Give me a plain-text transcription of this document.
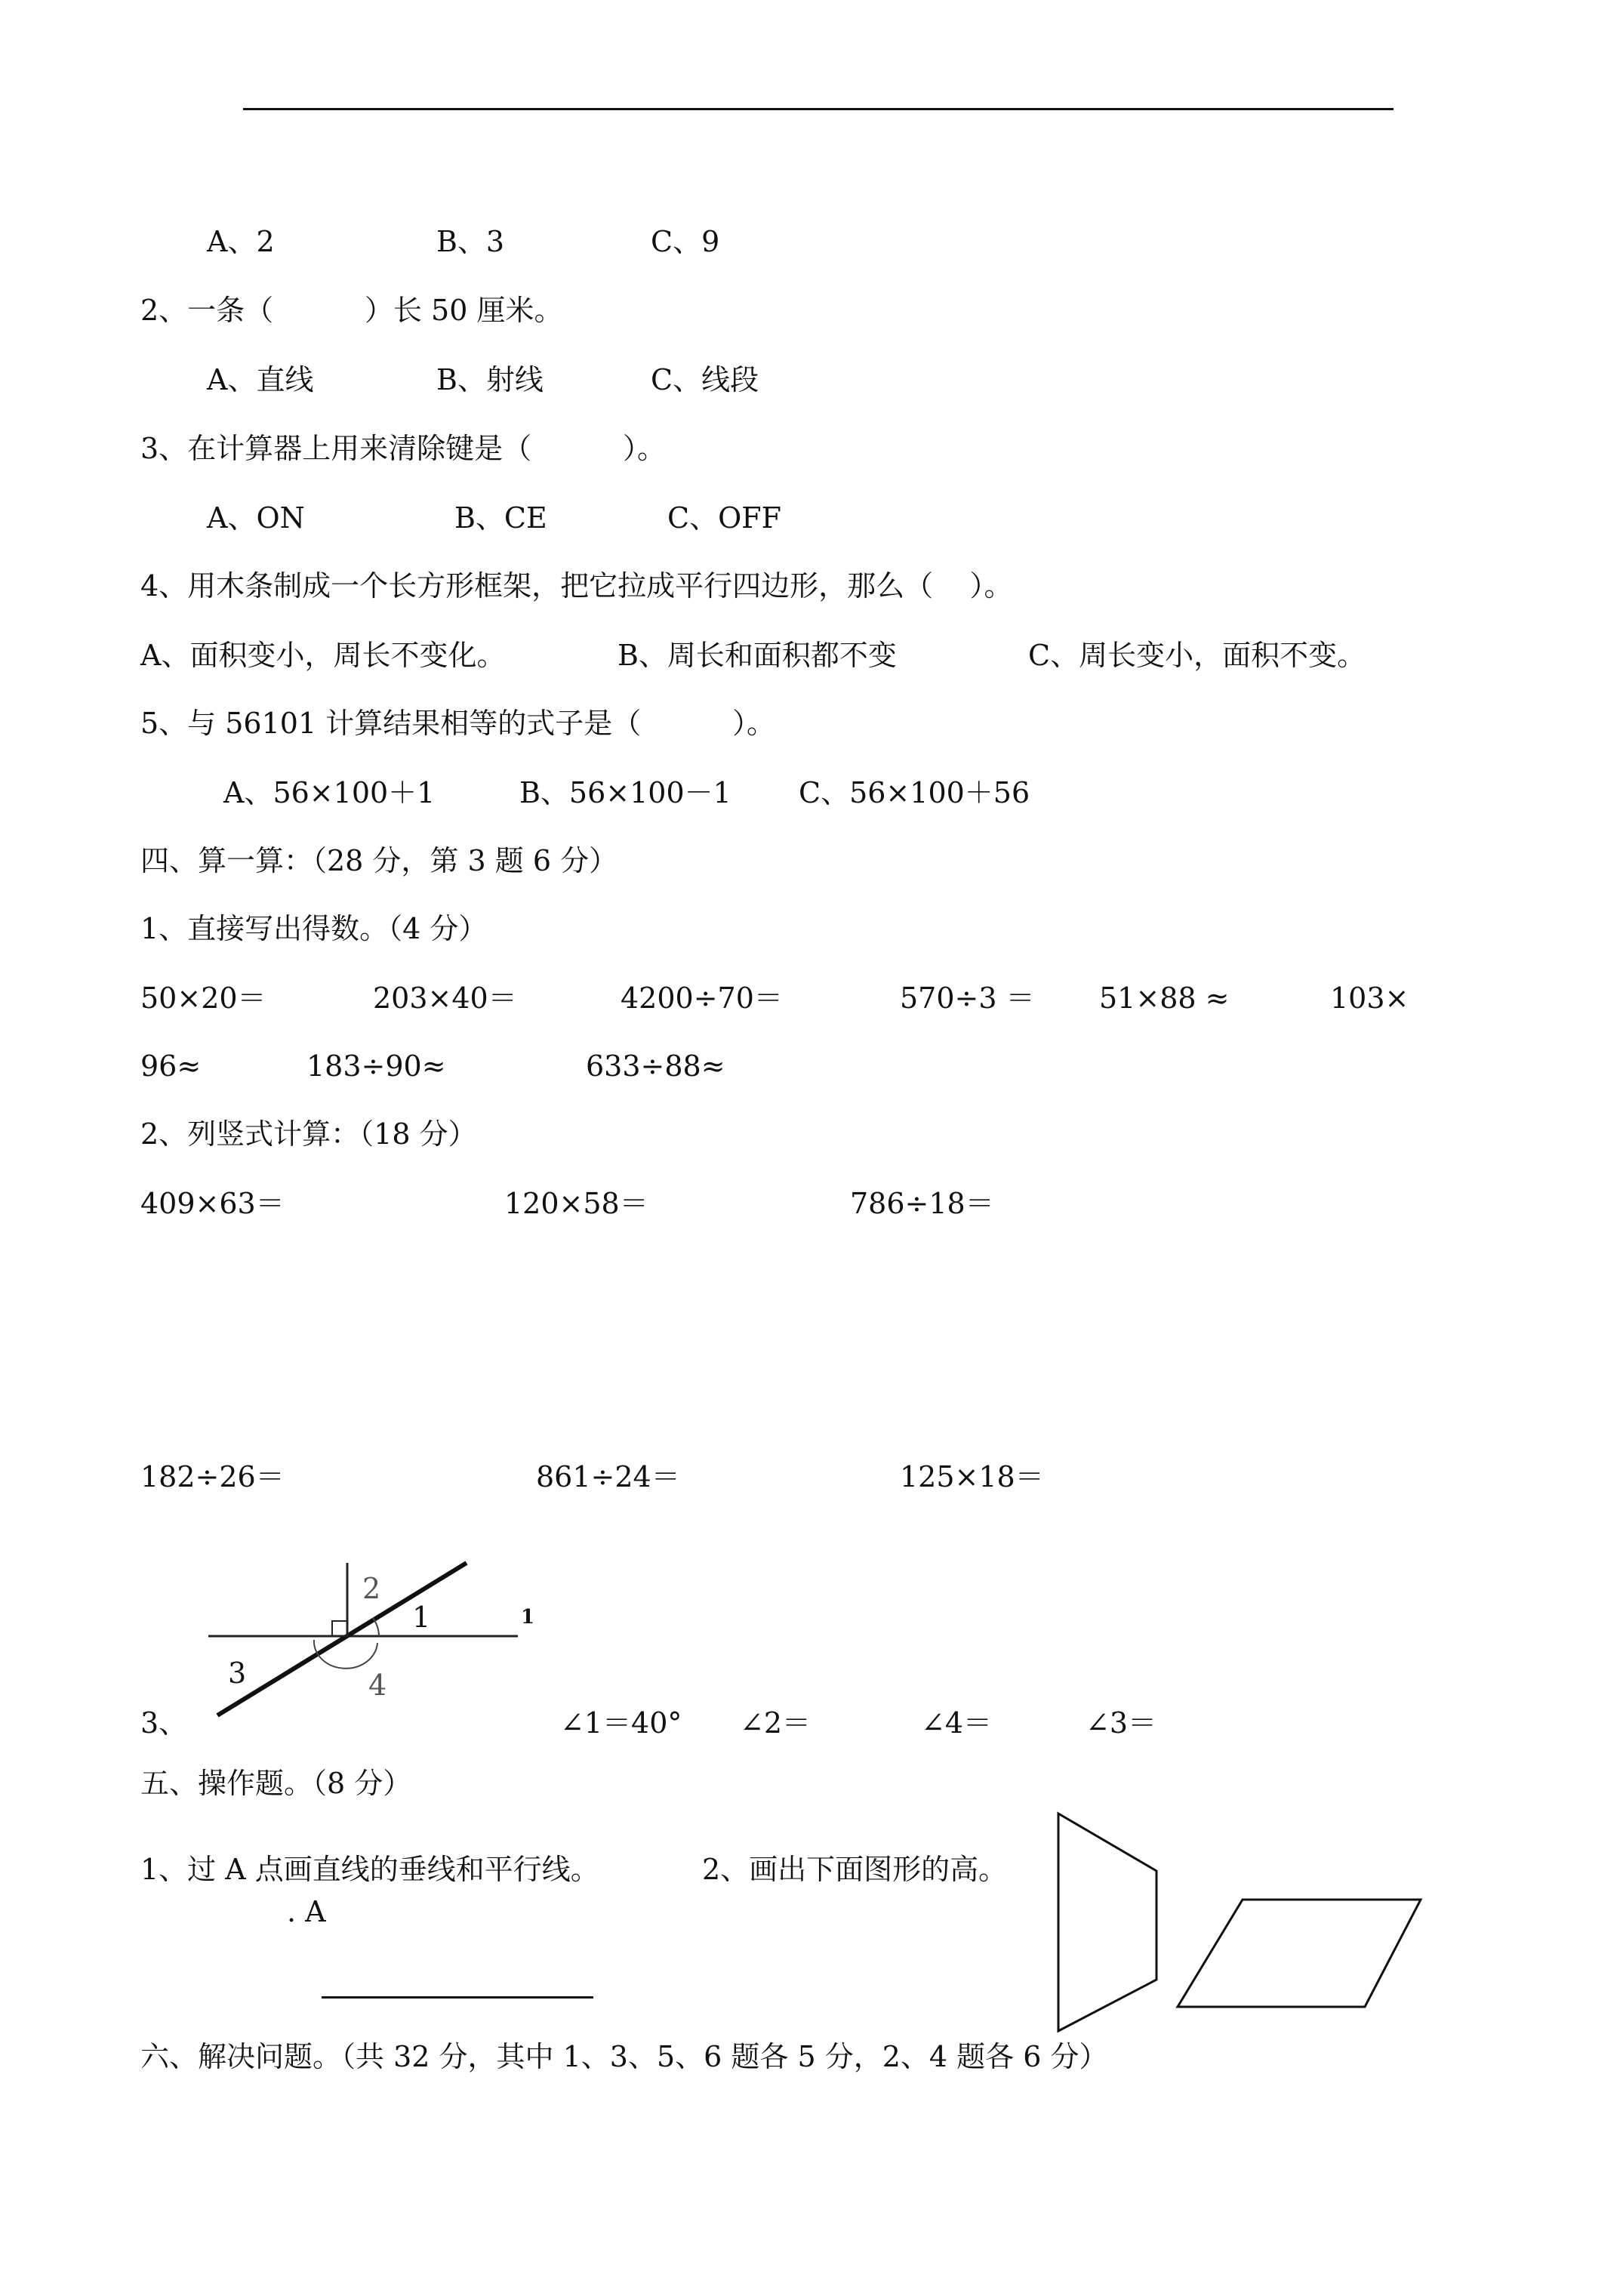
A、2	B、3	C、9
2、一条（          ）长 50 厘米。
A、直线	B、射线	C、线段
3、在计算器上用来清除键是（          ）。
A、ON	B、CE	C、OFF
4、用木条制成一个长方形框架，把它拉成平行四边形，那么（    ）。
A、面积变小，周长不变化。	B、周长和面积都不变	C、周长变小，面积不变。
5、与 56101 计算结果相等的式子是（          ）。
A、56×100＋1	B、56×100－1 C、56×100＋56
四、算一算：（28 分，第 3 题 6 分）
1、直接写出得数。（4 分）
50×20＝	203×40＝	4200÷70＝	570÷3 ＝ 51×88 ≈	103×
96≈	183÷90≈	633÷88≈
2、列竖式计算：（18 分）
409×63＝	120×58＝	786÷18＝
182÷26＝	861÷24＝	125×18＝
2
1	1
3	4
3、	∠1＝40° ∠2＝	∠4＝	∠3＝
五、操作题。（8 分）
1、过 A 点画直线的垂线和平行线。	2、画出下面图形的高。
. A
六、解决问题。（共 32 分，其中 1、3、5、6 题各 5 分，2、4 题各 6 分）
